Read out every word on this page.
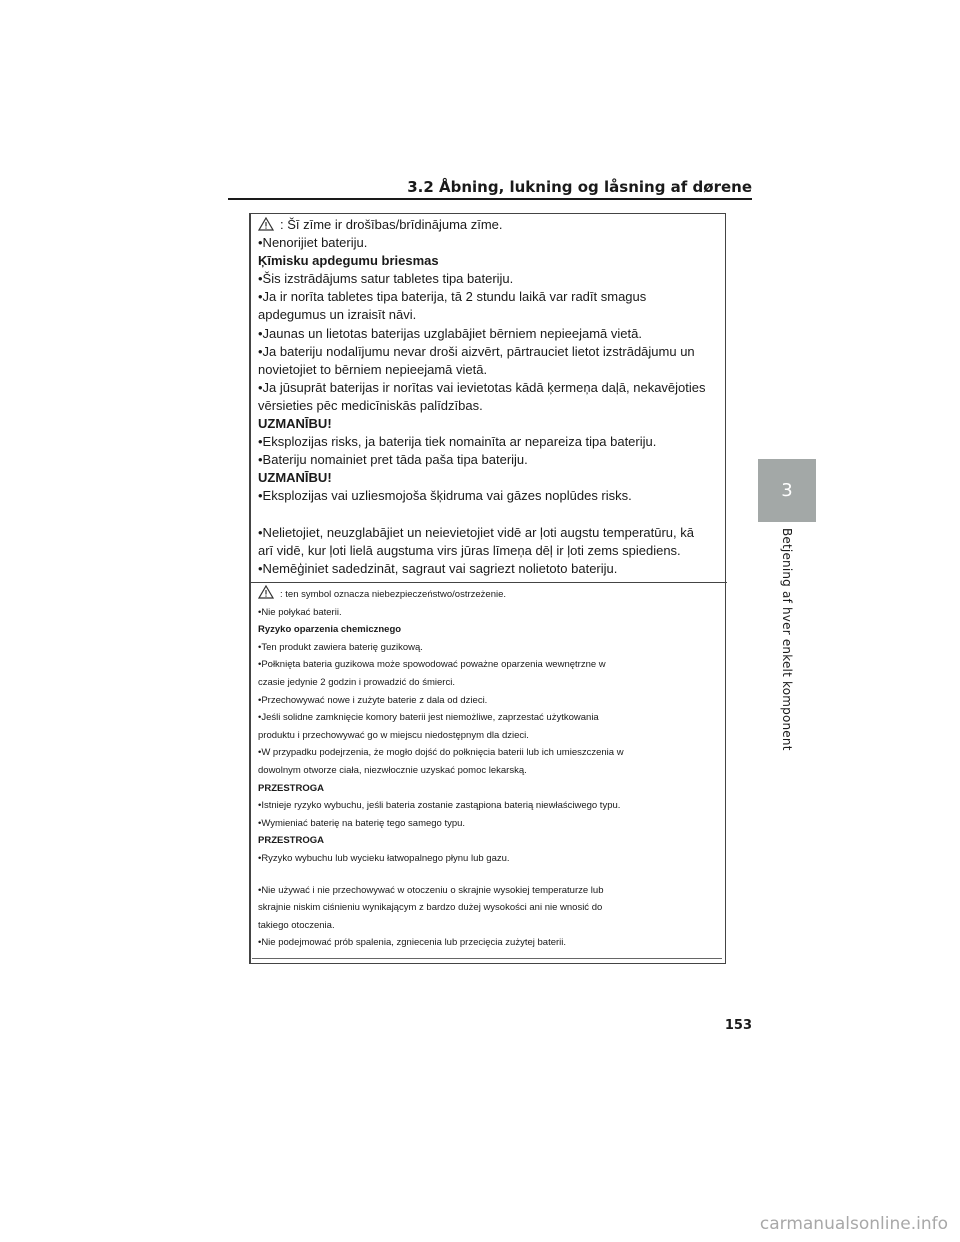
3.2 Åbning, lukning og låsning af dørene
3
Betjening af hver enkelt komponent
: Šī zīme ir drošības/brīdinājuma zīme.
•Nenorijiet bateriju.
Ķīmisku apdegumu briesmas
•Šis izstrādājums satur tabletes tipa bateriju.
•Ja ir norīta tabletes tipa baterija, tā 2 stundu laikā var radīt smagus
apdegumus un izraisīt nāvi.
•Jaunas un lietotas baterijas uzglabājiet bērniem nepieejamā vietā.
•Ja bateriju nodalījumu nevar droši aizvērt, pārtrauciet lietot izstrādājumu un
novietojiet to bērniem nepieejamā vietā.
•Ja jūsuprāt baterijas ir norītas vai ievietotas kādā ķermeņa daļā, nekavējoties
vērsieties pēc medicīniskās palīdzības.
UZMANĪBU!
•Eksplozijas risks, ja baterija tiek nomainīta ar nepareiza tipa bateriju.
•Bateriju nomainiet pret tāda paša tipa bateriju.
UZMANĪBU!
•Eksplozijas vai uzliesmojoša šķidruma vai gāzes noplūdes risks.
•Nelietojiet, neuzglabājiet un neievietojiet vidē ar ļoti augstu temperatūru, kā
arī vidē, kur ļoti lielā augstuma virs jūras līmeņa dēļ ir ļoti zems spiediens.
•Nemēģiniet sadedzināt, sagraut vai sagriezt nolietoto bateriju.
: ten symbol oznacza niebezpieczeństwo/ostrzeżenie.
•Nie połykać baterii.
Ryzyko oparzenia chemicznego
•Ten produkt zawiera baterię guzikową.
•Połknięta bateria guzikowa może spowodować poważne oparzenia wewnętrzne w
czasie jedynie 2 godzin i prowadzić do śmierci.
•Przechowywać nowe i zużyte baterie z dala od dzieci.
•Jeśli solidne zamknięcie komory baterii jest niemożliwe, zaprzestać użytkowania
produktu i przechowywać go w miejscu niedostępnym dla dzieci.
•W przypadku podejrzenia, że mogło dojść do połknięcia baterii lub ich umieszczenia w
dowolnym otworze ciała, niezwłocznie uzyskać pomoc lekarską.
PRZESTROGA
•Istnieje ryzyko wybuchu, jeśli bateria zostanie zastąpiona baterią niewłaściwego typu.
•Wymieniać baterię na baterię tego samego typu.
PRZESTROGA
•Ryzyko wybuchu lub wycieku łatwopalnego płynu lub gazu.
•Nie używać i nie przechowywać w otoczeniu o skrajnie wysokiej temperaturze lub
skrajnie niskim ciśnieniu wynikającym z bardzo dużej wysokości ani nie wnosić do
takiego otoczenia.
•Nie podejmować prób spalenia, zgniecenia lub przecięcia zużytej baterii.
153
carmanualsonline.info
